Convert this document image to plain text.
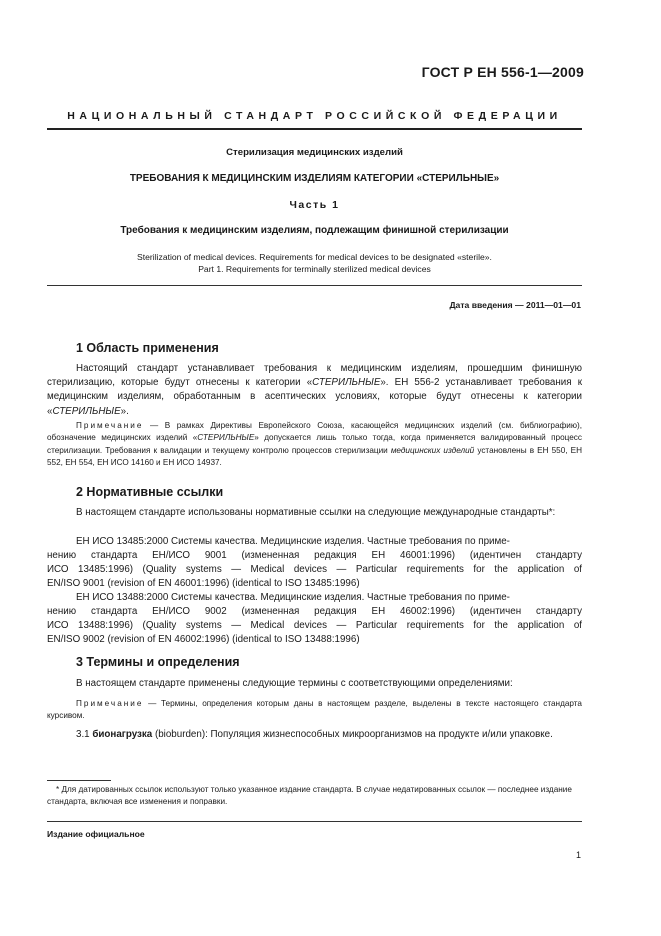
ГОСТ Р ЕН 556-1—2009
НАЦИОНАЛЬНЫЙ СТАНДАРТ РОССИЙСКОЙ ФЕДЕРАЦИИ
Стерилизация медицинских изделий
ТРЕБОВАНИЯ К МЕДИЦИНСКИМ ИЗДЕЛИЯМ КАТЕГОРИИ «СТЕРИЛЬНЫЕ»
Часть 1
Требования к медицинским изделиям, подлежащим финишной стерилизации
Sterilization of medical devices. Requirements for medical devices to be designated «sterile».
Part 1. Requirements for terminally sterilized medical devices
Дата введения — 2011—01—01
1 Область применения
Настоящий стандарт устанавливает требования к медицинским изделиям, прошедшим финишную стерилизацию, которые будут отнесены к категории «СТЕРИЛЬНЫЕ». ЕН 556-2 устанавливает требования к медицинским изделиям, обработанным в асептических условиях, которые будут отнесены к категории «СТЕРИЛЬНЫЕ».
Примечание — В рамках Директивы Европейского Союза, касающейся медицинских изделий (см. библиографию), обозначение медицинских изделий «СТЕРИЛЬНЫЕ» допускается лишь только тогда, когда применяется валидированный процесс стерилизации. Требования к валидации и текущему контролю процессов стерилизации медицинских изделий установлены в ЕН 550, ЕН 552, ЕН 554, ЕН ИСО 14160 и ЕН ИСО 14937.
2 Нормативные ссылки
В настоящем стандарте использованы нормативные ссылки на следующие международные стандарты*:
ЕН ИСО 13485:2000 Системы качества. Медицинские изделия. Частные требования по приме-
нению стандарта ЕН/ИСО 9001 (измененная редакция ЕН 46001:1996) (идентичен стандарту
ИСО 13485:1996) (Quality systems — Medical devices — Particular requirements for the application of
EN/ISO 9001 (revision of EN 46001:1996) (identical to ISO 13485:1996)
ЕН ИСО 13488:2000 Системы качества. Медицинские изделия. Частные требования по приме-
нению стандарта ЕН/ИСО 9002 (измененная редакция ЕН 46002:1996) (идентичен стандарту
ИСО 13488:1996) (Quality systems — Medical devices — Particular requirements for the application of
EN/ISO 9002 (revision of EN 46002:1996) (identical to ISO 13488:1996)
3 Термины и определения
В настоящем стандарте применены следующие термины с соответствующими определениями:
Примечание — Термины, определения которым даны в настоящем разделе, выделены в тексте настоящего стандарта курсивом.
3.1 бионагрузка (bioburden): Популяция жизнеспособных микроорганизмов на продукте и/или упаковке.
* Для датированных ссылок используют только указанное издание стандарта. В случае недатированных ссылок — последнее издание стандарта, включая все изменения и поправки.
Издание официальное
1
